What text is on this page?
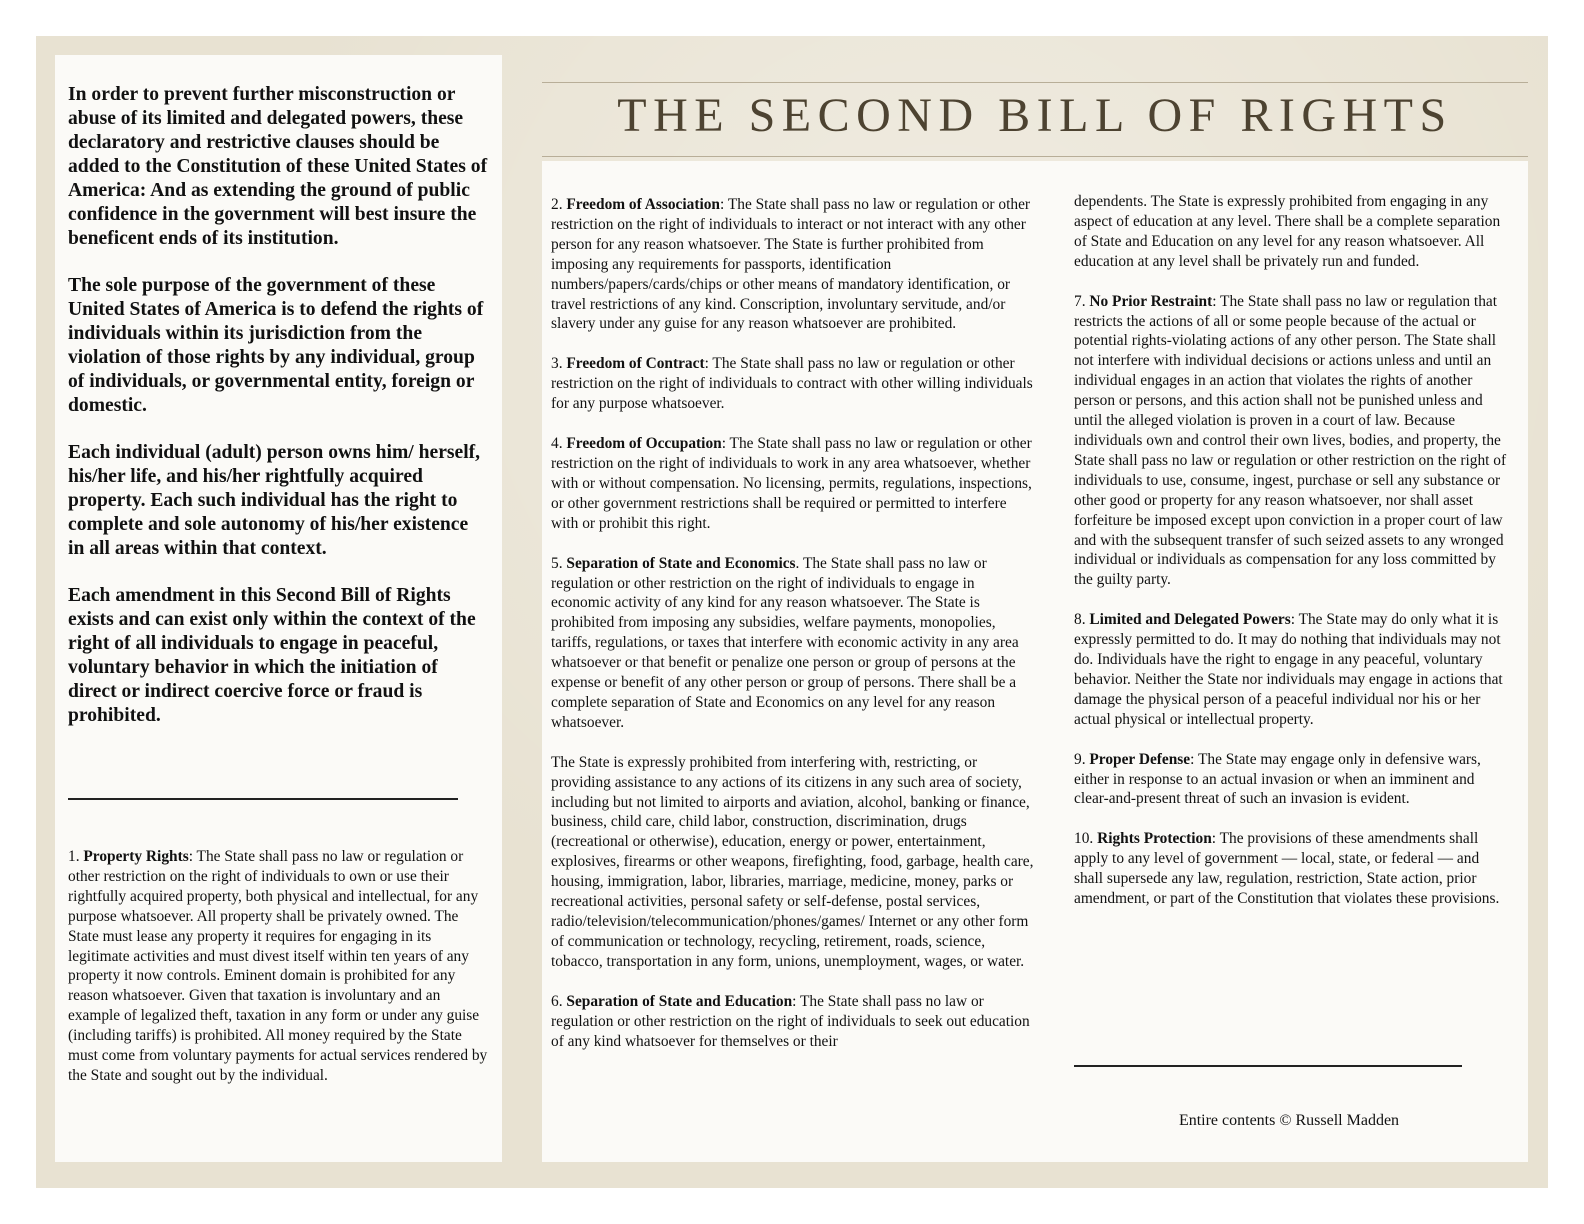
In order to prevent further misconstruction or abuse of its limited and delegated powers, these declaratory and restrictive clauses should be added to the Constitution of these United States of America: And as extending the ground of public confidence in the government will best insure the beneficent ends of its institution.

The sole purpose of the government of these United States of America is to defend the rights of individuals within its jurisdiction from the violation of those rights by any individual, group of individuals, or governmental entity, foreign or domestic.

Each individual (adult) person owns him/ herself, his/her life, and his/her rightfully acquired property. Each such individual has the right to complete and sole autonomy of his/her existence in all areas within that context.

Each amendment in this Second Bill of Rights exists and can exist only within the context of the right of all individuals to engage in peaceful, voluntary behavior in which the initiation of direct or indirect coercive force or fraud is prohibited.

1. Property Rights: The State shall pass no law or regulation or other restriction on the right of individuals to own or use their rightfully acquired property, both physical and intellectual, for any purpose whatsoever. All property shall be privately owned. The State must lease any property it requires for engaging in its legitimate activities and must divest itself within ten years of any property it now controls. Eminent domain is prohibited for any reason whatsoever. Given that taxation is involuntary and an example of legalized theft, taxation in any form or under any guise (including tariffs) is prohibited. All money required by the State must come from voluntary payments for actual services rendered by the State and sought out by the individual.

THE SECOND BILL OF RIGHTS

2. Freedom of Association: The State shall pass no law or regulation or other restriction on the right of individuals to interact or not interact with any other person for any reason whatsoever. The State is further prohibited from imposing any requirements for passports, identification numbers/papers/cards/chips or other means of mandatory identification, or travel restrictions of any kind. Conscription, involuntary servitude, and/or slavery under any guise for any reason whatsoever are prohibited.

3. Freedom of Contract: The State shall pass no law or regulation or other restriction on the right of individuals to contract with other willing individuals for any purpose whatsoever.

4. Freedom of Occupation: The State shall pass no law or regulation or other restriction on the right of individuals to work in any area whatsoever, whether with or without compensation. No licensing, permits, regulations, inspections, or other government restrictions shall be required or permitted to interfere with or prohibit this right.

5. Separation of State and Economics. The State shall pass no law or regulation or other restriction on the right of individuals to engage in economic activity of any kind for any reason whatsoever. The State is prohibited from imposing any subsidies, welfare payments, monopolies, tariffs, regulations, or taxes that interfere with economic activity in any area whatsoever or that benefit or penalize one person or group of persons at the expense or benefit of any other person or group of persons. There shall be a complete separation of State and Economics on any level for any reason whatsoever.

The State is expressly prohibited from interfering with, restricting, or providing assistance to any actions of its citizens in any such area of society, including but not limited to airports and aviation, alcohol, banking or finance, business, child care, child labor, construction, discrimination, drugs (recreational or otherwise), education, energy or power, entertainment, explosives, firearms or other weapons, firefighting, food, garbage, health care, housing, immigration, labor, libraries, marriage, medicine, money, parks or recreational activities, personal safety or self-defense, postal services, radio/television/telecommunication/phones/games/ Internet or any other form of communication or technology, recycling, retirement, roads, science, tobacco, transportation in any form, unions, unemployment, wages, or water.

6. Separation of State and Education: The State shall pass no law or regulation or other restriction on the right of individuals to seek out education of any kind whatsoever for themselves or their

dependents. The State is expressly prohibited from engaging in any aspect of education at any level. There shall be a complete separation of State and Education on any level for any reason whatsoever. All education at any level shall be privately run and funded.

7. No Prior Restraint: The State shall pass no law or regulation that restricts the actions of all or some people because of the actual or potential rights-violating actions of any other person. The State shall not interfere with individual decisions or actions unless and until an individual engages in an action that violates the rights of another person or persons, and this action shall not be punished unless and until the alleged violation is proven in a court of law. Because individuals own and control their own lives, bodies, and property, the State shall pass no law or regulation or other restriction on the right of individuals to use, consume, ingest, purchase or sell any substance or other good or property for any reason whatsoever, nor shall asset forfeiture be imposed except upon conviction in a proper court of law and with the subsequent transfer of such seized assets to any wronged individual or individuals as compensation for any loss committed by the guilty party.

8. Limited and Delegated Powers: The State may do only what it is expressly permitted to do. It may do nothing that individuals may not do. Individuals have the right to engage in any peaceful, voluntary behavior. Neither the State nor individuals may engage in actions that damage the physical person of a peaceful individual nor his or her actual physical or intellectual property.

9. Proper Defense: The State may engage only in defensive wars, either in response to an actual invasion or when an imminent and clear-and-present threat of such an invasion is evident.

10. Rights Protection: The provisions of these amendments shall apply to any level of government — local, state, or federal — and shall supersede any law, regulation, restriction, State action, prior amendment, or part of the Constitution that violates these provisions.

Entire contents © Russell Madden
